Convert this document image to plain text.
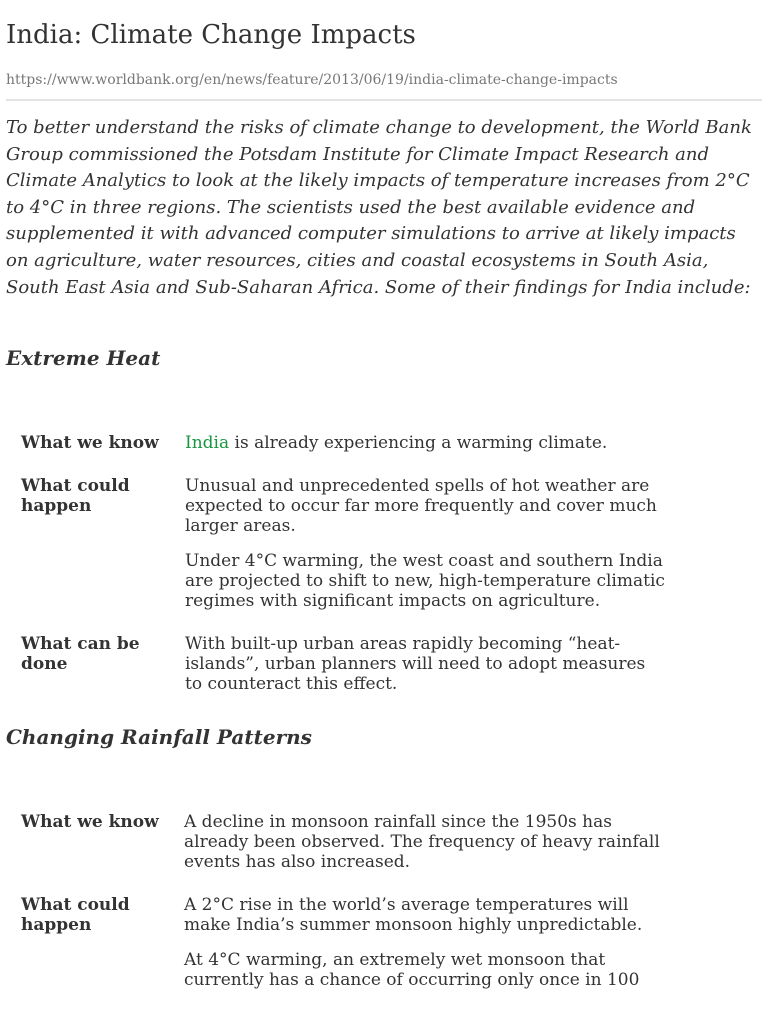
India: Climate Change Impacts
https://www.worldbank.org/en/news/feature/2013/06/19/india-climate-change-impacts

To better understand the risks of climate change to development, the World Bank Group commissioned the Potsdam Institute for Climate Impact Research and Climate Analytics to look at the likely impacts of temperature increases from 2°C to 4°C in three regions. The scientists used the best available evidence and supplemented it with advanced computer simulations to arrive at likely impacts on agriculture, water resources, cities and coastal ecosystems in South Asia, South East Asia and Sub-Saharan Africa. Some of their findings for India include:

Extreme Heat
What we know	India is already experiencing a warming climate.
What could happen
Unusual and unprecedented spells of hot weather are expected to occur far more frequently and cover much larger areas.
Under 4°C warming, the west coast and southern India are projected to shift to new, high-temperature climatic regimes with significant impacts on agriculture.
What can be done
With built-up urban areas rapidly becoming “heat-islands”, urban planners will need to adopt measures to counteract this effect.
Changing Rainfall Patterns
What we know	A decline in monsoon rainfall since the 1950s has already been observed. The frequency of heavy rainfall events has also increased.
What could happen
A 2°C rise in the world’s average temperatures will make India’s summer monsoon highly unpredictable.
At 4°C warming, an extremely wet monsoon that currently has a chance of occurring only once in 100
